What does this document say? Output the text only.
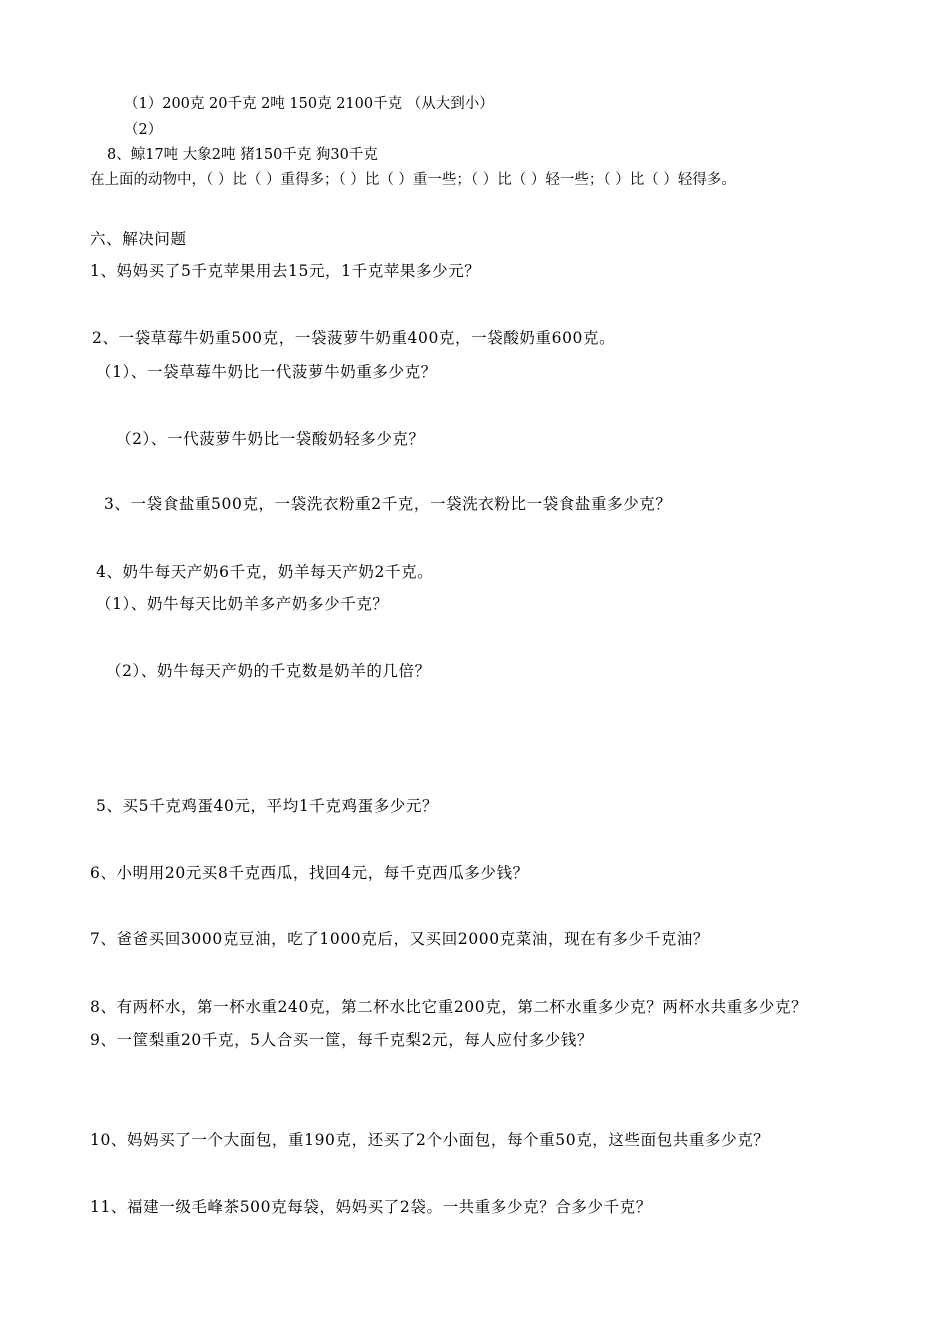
（1）200克 20千克 2吨 150克 2100千克 （从大到小）
（2）
8、鲸17吨 大象2吨 猪150千克 狗30千克
在上面的动物中，（ ）比（ ）重得多；（ ）比（ ）重一些；（ ）比（ ）轻一些；（ ）比（ ）轻得多。
六、解决问题
1、妈妈买了5千克苹果用去15元，1千克苹果多少元？
2、一袋草莓牛奶重500克，一袋菠萝牛奶重400克，一袋酸奶重600克。
（1）、一袋草莓牛奶比一代菠萝牛奶重多少克？
（2）、一代菠萝牛奶比一袋酸奶轻多少克？
3、一袋食盐重500克，一袋洗衣粉重2千克，一袋洗衣粉比一袋食盐重多少克？
4、奶牛每天产奶6千克，奶羊每天产奶2千克。
（1）、奶牛每天比奶羊多产奶多少千克？
（2）、奶牛每天产奶的千克数是奶羊的几倍？
5、买5千克鸡蛋40元，平均1千克鸡蛋多少元？
6、小明用20元买8千克西瓜，找回4元，每千克西瓜多少钱？
7、爸爸买回3000克豆油，吃了1000克后，又买回2000克菜油，现在有多少千克油？
8、有两杯水，第一杯水重240克，第二杯水比它重200克，第二杯水重多少克？两杯水共重多少克？
9、一筐梨重20千克，5人合买一筐，每千克梨2元，每人应付多少钱？
10、妈妈买了一个大面包，重190克，还买了2个小面包，每个重50克，这些面包共重多少克？
11、福建一级毛峰茶500克每袋，妈妈买了2袋。一共重多少克？合多少千克？
